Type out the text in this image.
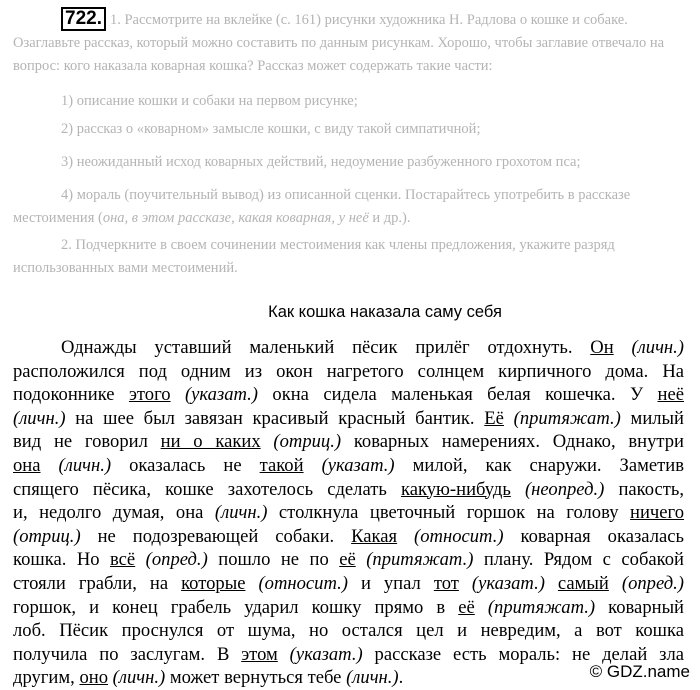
722. 1. Рассмотрите на вклейке (с. 161) рисунки художника Н. Радлова о кошке и собаке. Озаглавьте рассказ, который можно составить по данным рисункам. Хорошо, чтобы заглавие отвечало на вопрос: кого наказала коварная кошка? Рассказ может содержать такие части:

1) описание кошки и собаки на первом рисунке;

2) рассказ о «коварном» замысле кошки, с виду такой симпатичной;

3) неожиданный исход коварных действий, недоумение разбуженного грохотом пса;

4) мораль (поучительный вывод) из описанной сценки. Постарайтесь употребить в рассказе местоимения (она, в этом рассказе, какая коварная, у неё и др.).

2. Подчеркните в своем сочинении местоимения как члены предложения, укажите разряд использованных вами местоимений.

Как кошка наказала саму себя
Однажды уставший маленький пёсик прилёг отдохнуть. Он (личн.)
расположился под одним из окон нагретого солнцем кирпичного дома. На
подоконнике этого (указат.) окна сидела маленькая белая кошечка. У неё
(личн.) на шее был завязан красивый красный бантик. Её (притяжат.) милый
вид не говорил ни о каких (отриц.) коварных намерениях. Однако, внутри
она (личн.) оказалась не такой (указат.) милой, как снаружи. Заметив
спящего пёсика, кошке захотелось сделать какую-нибудь (неопред.) пакость,
и, недолго думая, она (личн.) столкнула цветочный горшок на голову ничего
(отриц.) не подозревающей собаки. Какая (относит.) коварная оказалась
кошка. Но всё (опред.) пошло не по её (притяжат.) плану. Рядом с собакой
стояли грабли, на которые (относит.) и упал тот (указат.) самый (опред.)
горшок, и конец грабель ударил кошку прямо в её (притяжат.) коварный
лоб. Пёсик проснулся от шума, но остался цел и невредим, а вот кошка
получила по заслугам. В этом (указат.) рассказе есть мораль: не делай зла
другим, оно (личн.) может вернуться тебе (личн.).	© GDZ.name
